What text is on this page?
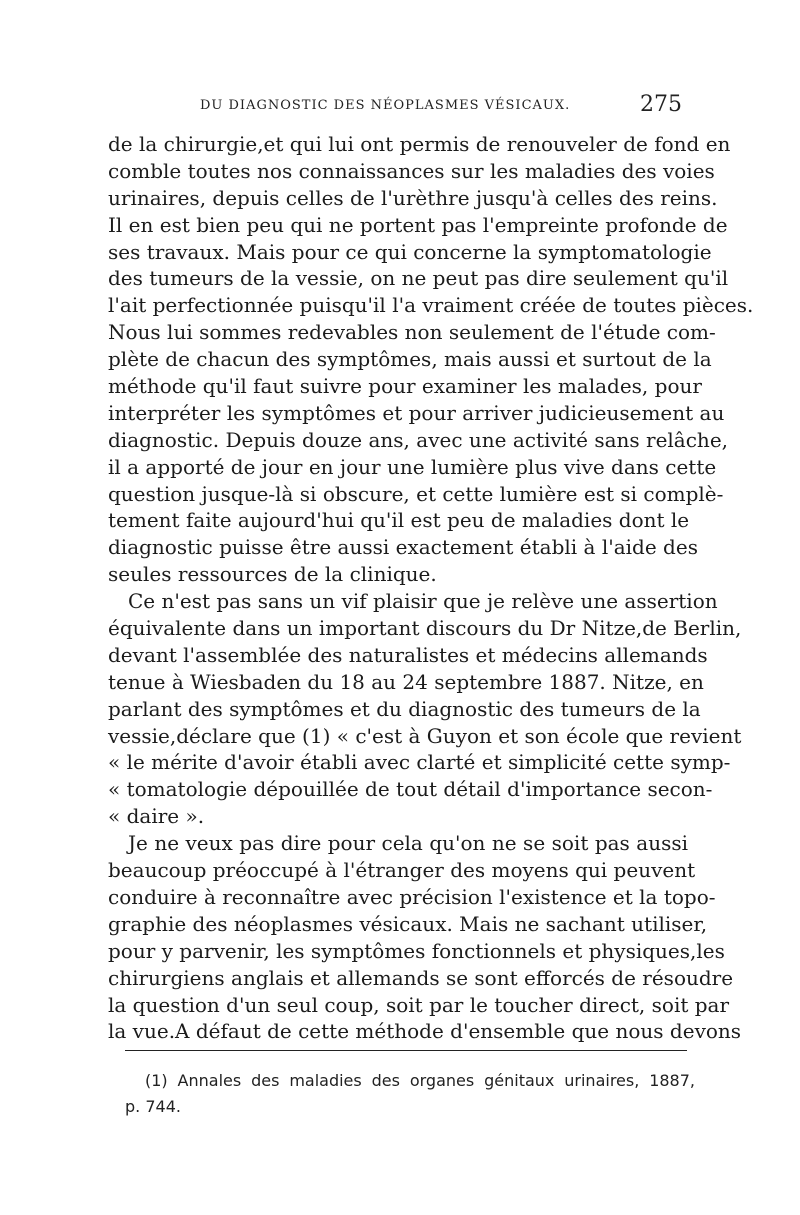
DU DIAGNOSTIC DES NÉOPLASMES VÉSICAUX.	275
de la chirurgie,et qui lui ont permis de renouveler de fond en
comble toutes nos connaissances sur les maladies des voies
urinaires, depuis celles de l'urèthre jusqu'à celles des reins.
Il en est bien peu qui ne portent pas l'empreinte profonde de
ses travaux. Mais pour ce qui concerne la symptomatologie
des tumeurs de la vessie, on ne peut pas dire seulement qu'il
l'ait perfectionnée puisqu'il l'a vraiment créée de toutes pièces.
Nous lui sommes redevables non seulement de l'étude com-
plète de chacun des symptômes, mais aussi et surtout de la
méthode qu'il faut suivre pour examiner les malades, pour
interpréter les symptômes et pour arriver judicieusement au
diagnostic. Depuis douze ans, avec une activité sans relâche,
il a apporté de jour en jour une lumière plus vive dans cette
question jusque-là si obscure, et cette lumière est si complè-
tement faite aujourd'hui qu'il est peu de maladies dont le
diagnostic puisse être aussi exactement établi à l'aide des
seules ressources de la clinique.
Ce n'est pas sans un vif plaisir que je relève une assertion
équivalente dans un important discours du Dr Nitze,de Berlin,
devant l'assemblée des naturalistes et médecins allemands
tenue à Wiesbaden du 18 au 24 septembre 1887. Nitze, en
parlant des symptômes et du diagnostic des tumeurs de la
vessie,déclare que (1) « c'est à Guyon et son école que revient
« le mérite d'avoir établi avec clarté et simplicité cette symp-
« tomatologie dépouillée de tout détail d'importance secon-
« daire ».
Je ne veux pas dire pour cela qu'on ne se soit pas aussi
beaucoup préoccupé à l'étranger des moyens qui peuvent
conduire à reconnaître avec précision l'existence et la topo-
graphie des néoplasmes vésicaux. Mais ne sachant utiliser,
pour y parvenir, les symptômes fonctionnels et physiques,les
chirurgiens anglais et allemands se sont efforcés de résoudre
la question d'un seul coup, soit par le toucher direct, soit par
la vue.A défaut de cette méthode d'ensemble que nous devons
(1) Annales des maladies des organes génitaux urinaires, 1887,
p. 744.
